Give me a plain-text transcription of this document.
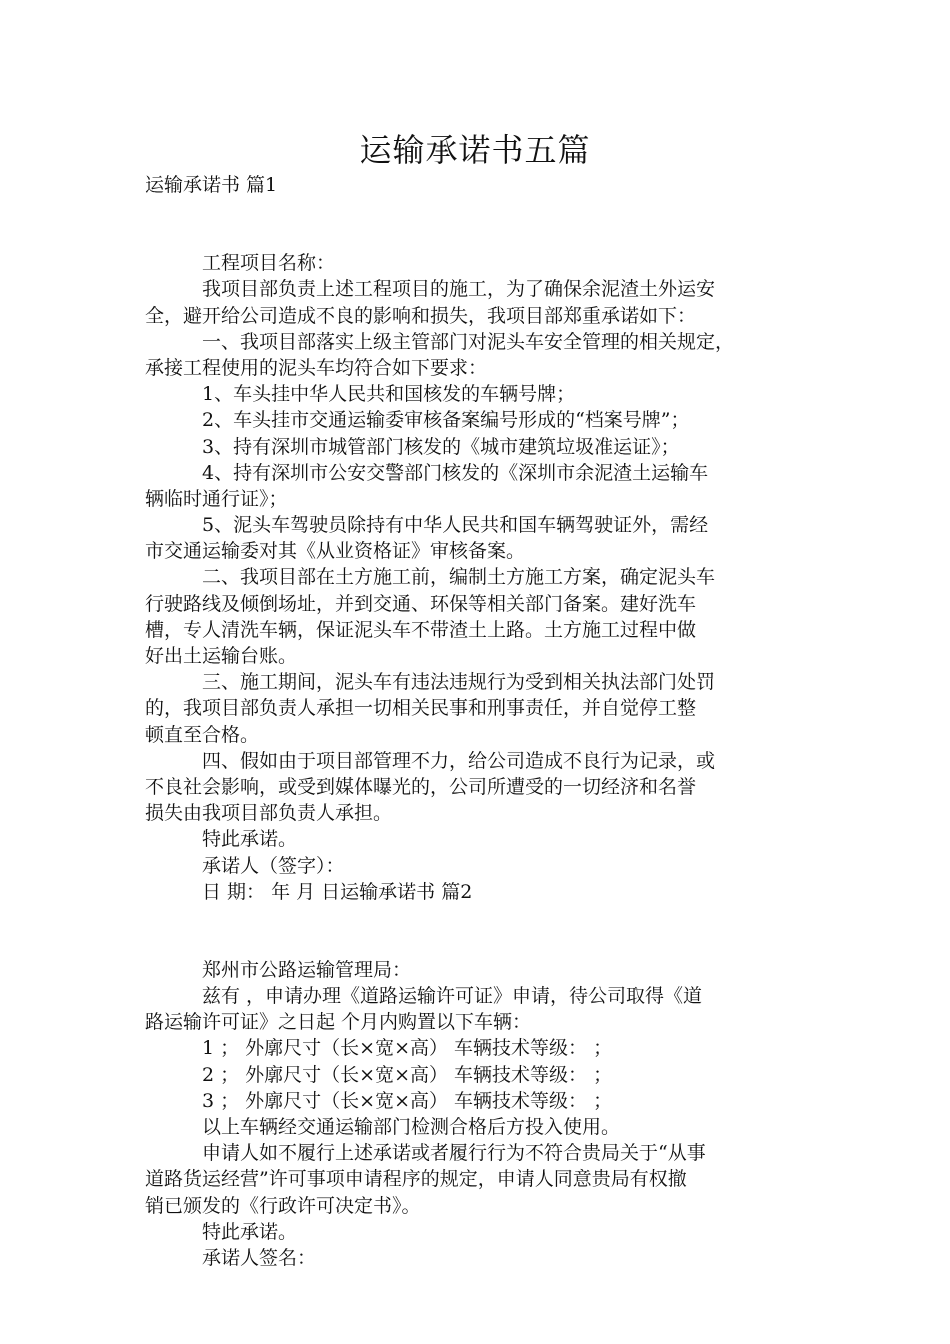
运输承诺书五篇
运输承诺书 篇1
工程项目名称：
我项目部负责上述工程项目的施工，为了确保余泥渣土外运安
全，避开给公司造成不良的影响和损失，我项目部郑重承诺如下：
一、我项目部落实上级主管部门对泥头车安全管理的相关规定，
承接工程使用的泥头车均符合如下要求：
1、车头挂中华人民共和国核发的车辆号牌；
2、车头挂市交通运输委审核备案编号形成的“档案号牌”；
3、持有深圳市城管部门核发的《城市建筑垃圾准运证》；
4、持有深圳市公安交警部门核发的《深圳市余泥渣土运输车
辆临时通行证》；
5、泥头车驾驶员除持有中华人民共和国车辆驾驶证外，需经
市交通运输委对其《从业资格证》审核备案。
二、我项目部在土方施工前，编制土方施工方案，确定泥头车
行驶路线及倾倒场址，并到交通、环保等相关部门备案。建好洗车
槽，专人清洗车辆，保证泥头车不带渣土上路。土方施工过程中做
好出土运输台账。
三、施工期间，泥头车有违法违规行为受到相关执法部门处罚
的，我项目部负责人承担一切相关民事和刑事责任，并自觉停工整
顿直至合格。
四、假如由于项目部管理不力，给公司造成不良行为记录，或
不良社会影响，或受到媒体曝光的，公司所遭受的一切经济和名誉
损失由我项目部负责人承担。
特此承诺。
承诺人（签字）：
日 期： 年 月 日运输承诺书 篇2
郑州市公路运输管理局：
兹有 ，申请办理《道路运输许可证》申请，待公司取得《道
路运输许可证》之日起 个月内购置以下车辆：
1 ； 外廓尺寸（长×宽×高） 车辆技术等级： ；
2 ； 外廓尺寸（长×宽×高） 车辆技术等级： ；
3 ； 外廓尺寸（长×宽×高） 车辆技术等级： ；
以上车辆经交通运输部门检测合格后方投入使用。
申请人如不履行上述承诺或者履行行为不符合贵局关于“从事
道路货运经营”许可事项申请程序的规定，申请人同意贵局有权撤
销已颁发的《行政许可决定书》。
特此承诺。
承诺人签名：
